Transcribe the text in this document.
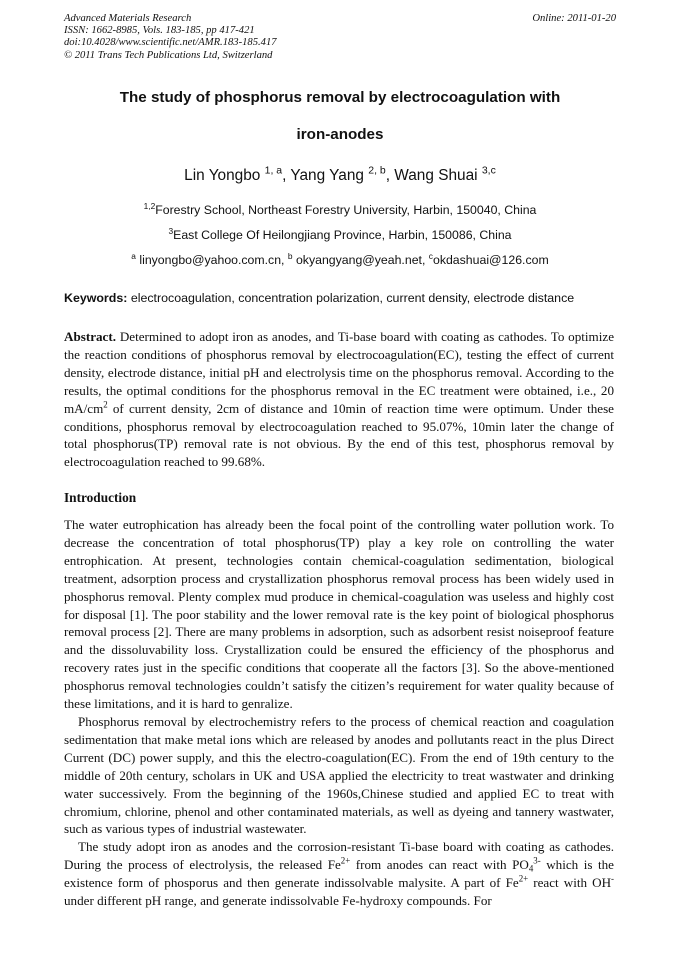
Advanced Materials Research
ISSN: 1662-8985, Vols. 183-185, pp 417-421
doi:10.4028/www.scientific.net/AMR.183-185.417
© 2011 Trans Tech Publications Ltd, Switzerland
Online: 2011-01-20
The study of phosphorus removal by electrocoagulation with
iron-anodes
Lin Yongbo $^{1, a}$, Yang Yang $^{2, b}$, Wang Shuai $^{3,c}$
$^{1,2}$Forestry School, Northeast Forestry University, Harbin, 150040, China
$^3$East College Of Heilongjiang Province, Harbin, 150086, China
$^a$ linyongbo@yahoo.com.cn, $^b$ okyangyang@yeah.net, $^c$okdashuai@126.com
Keywords: electrocoagulation, concentration polarization, current density, electrode distance

Abstract. Determined to adopt iron as anodes, and Ti-base board with coating as cathodes. To optimize the reaction conditions of phosphorus removal by electrocoagulation(EC), testing the effect of current density, electrode distance, initial pH and electrolysis time on the phosphorus removal. According to the results, the optimal conditions for the phosphorus removal in the EC treatment were obtained, i.e., 20 $mA/cm^2$ of current density, 2cm of distance and 10min of reaction time were optimum. Under these conditions, phosphorus removal by electrocoagulation reached to 95.07%, 10min later the change of total phosphorus(TP) removal rate is not obvious. By the end of this test, phosphorus removal by electrocoagulation reached to 99.68%.

Introduction

The water eutrophication has already been the focal point of the controlling water pollution work. To decrease the concentration of total phosphorus(TP) play a key role on controlling the water entrophication. At present, technologies contain chemical-coagulation sedimentation, biological treatment, adsorption process and crystallization phosphorus removal process has been widely used in phosphorus removal. Plenty complex mud produce in chemical-coagulation was useless and highly cost for disposal [1]. The poor stability and the lower removal rate is the key point of biological phosphorus removal process [2]. There are many problems in adsorption, such as adsorbent resist noiseproof feature and the dissoluvability loss. Crystallization could be ensured the efficiency of the phosphorus and recovery rates just in the specific conditions that cooperate all the factors [3]. So the above-mentioned phosphorus removal technologies couldn’t satisfy the citizen’s requirement for water quality because of these limitations, and it is hard to genralize.

Phosphorus removal by electrochemistry refers to the process of chemical reaction and coagulation sedimentation that make metal ions which are released by anodes and pollutants react in the plus Direct Current (DC) power supply, and this the electro-coagulation(EC). From the end of 19th century to the middle of 20th century, scholars in UK and USA applied the electricity to treat wastwater and drinking water successively. From the beginning of the 1960s,Chinese studied and applied EC to treat with chromium, chlorine, phenol and other contaminated materials, as well as dyeing and tannery wastwater, such as various types of industrial wastewater.

The study adopt iron as anodes and the corrosion-resistant Ti-base board with coating as cathodes. During the process of electrolysis, the released $Fe^{2+}$ from anodes can react with $PO_4^{3-}$ which is the existence form of phosporus and then generate indissolvable malysite. A part of $Fe^{2+}$ react with OH- under different pH range, and generate indissolvable Fe-hydroxy compounds. For
